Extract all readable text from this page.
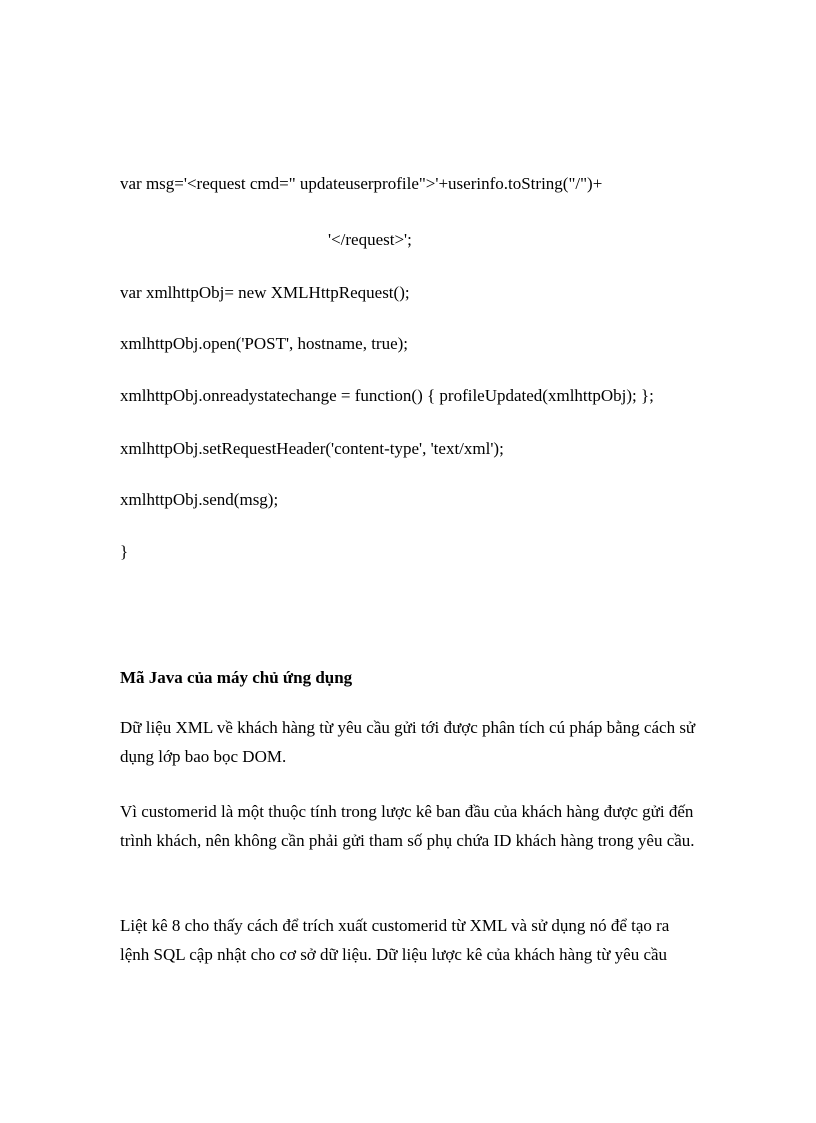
var msg='<request cmd=" updateuserprofile">'+userinfo.toString("/")+
'</request>';
var xmlhttpObj= new XMLHttpRequest();
xmlhttpObj.open('POST', hostname, true);
xmlhttpObj.onreadystatechange = function() { profileUpdated(xmlhttpObj); };
xmlhttpObj.setRequestHeader('content-type', 'text/xml');
xmlhttpObj.send(msg);
}
Mã Java của máy chủ ứng dụng

Dữ liệu XML về khách hàng từ yêu cầu gửi tới được phân tích cú pháp bằng cách sử dụng lớp bao bọc DOM.

Vì customerid là một thuộc tính trong lược kê ban đầu của khách hàng được gửi đến trình khách, nên không cần phải gửi tham số phụ chứa ID khách hàng trong yêu cầu.

Liệt kê 8 cho thấy cách để trích xuất customerid từ XML và sử dụng nó để tạo ra lệnh SQL cập nhật cho cơ sở dữ liệu. Dữ liệu lược kê của khách hàng từ yêu cầu
